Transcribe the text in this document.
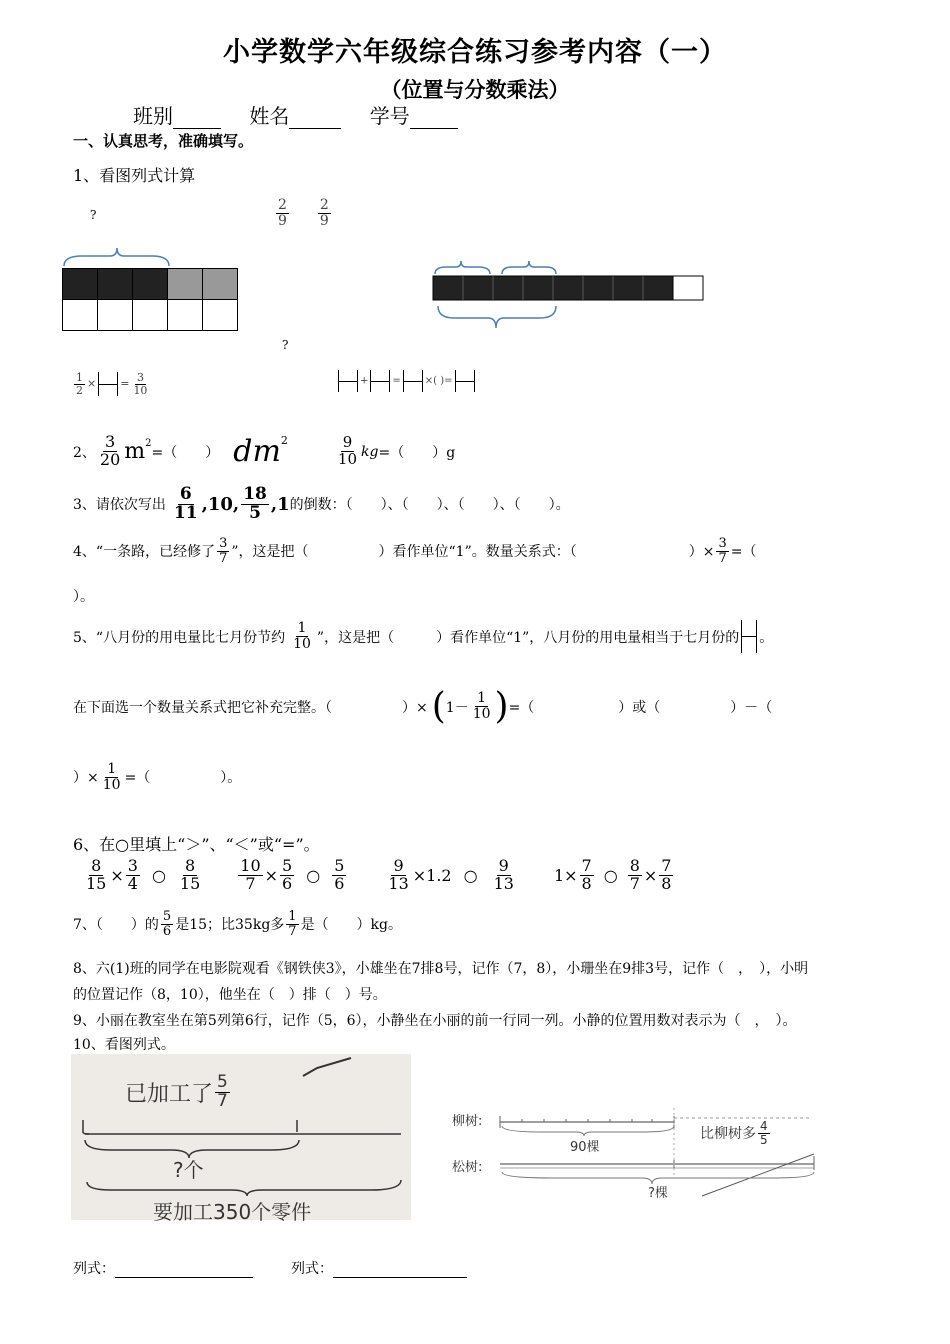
小学数学六年级综合练习参考内容（一）
（位置与分数乘法）
班别	姓名	学号
一、认真思考，准确填写。
1、看图列式计算
?

					$\frac{2}{9}$
$\frac{2}{9}$
?
$\frac{1}{2}$ ×

= $\frac{3}{10}$

	+

=

×( )=

2、 $\frac{3}{20} m^2$
=（　　） $dm^2$	$\frac{9}{10}$ kg =（　　）g
3、请依次写出 $\frac{6}{11} ,10$, $\frac{18}{5} ,1$ 的倒数：（　　）、（　　）、（　　）、（　　）。
4、“一条路，已经修了 $\frac{3}{7}$ ”，这是把（　　　　　）看作单位“1”。数量关系式：（　　　　　　　　）× $\frac{3}{7}$ =（
）。
5、“八月份的用电量比七月份节约 $\frac{1}{10}$ ”，这是把（　　　）看作单位“1”，八月份的用电量相当于七月份的

。
在下面选一个数量关系式把它补充完整。（　　　　　）× ( $1- \frac{1}{10}$ ) =（　　　　　　）或（　　　　　）－（
）× $\frac{1}{10}$ =（　　　　　）。
6、在○里填上“＞”、“＜”或“=”。
$\frac{8}{15} \times \frac{3}{4}$ ○ $\frac{8}{15} \frac{10}{7} \times \frac{5}{6}$ ○ $\frac{5}{6}$	$\frac{9}{13} \times 1.2$ ○ $\frac{9}{13} 1\times \frac{7}{8}$ ○ $\frac{8}{7} \times \frac{7}{8}$
7、（　　）的 $\frac{5}{6}$ 是15；比35kg多 $\frac{1}{7}$ 是（　　）kg。
8、六(1)班的同学在电影院观看《钢铁侠3》，小雄坐在7排8号，记作（7，8），小珊坐在9排3号，记作（　，　），小明
的位置记作（8，10），他坐在（　）排（　）号。
9、小丽在教室坐在第5列第6行，记作（5，6），小静坐在小丽的前一行同一列。小静的位置用数对表示为（　，　）。
10、看图列式。
已加工了 $\frac{5}{7}$
?个
要加工350个零件
柳树:
松树:
90棵
比柳树多 $\frac{4}{5}$
?棵
列式：	列式：
